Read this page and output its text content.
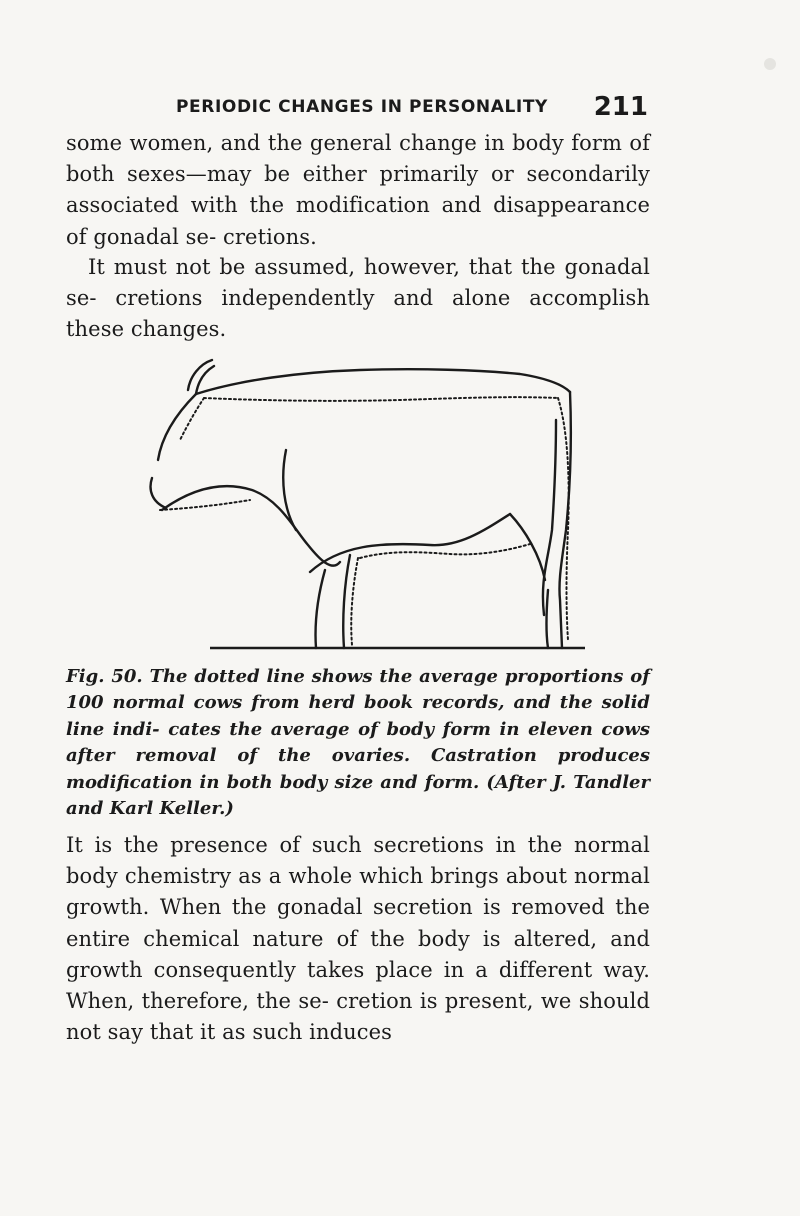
PERIODIC CHANGES IN PERSONALITY 211

some women, and the general change in body form of both sexes—may be either primarily or secondarily associated with the modification and disappearance of gonadal se- cretions.

It must not be assumed, however, that the gonadal se- cretions independently and alone accomplish these changes.

Fig. 50. The dotted line shows the average proportions of 100 normal cows from herd book records, and the solid line indi- cates the average of body form in eleven cows after removal of the ovaries. Castration produces modification in both body size and form. (After J. Tandler and Karl Keller.)

It is the presence of such secretions in the normal body chemistry as a whole which brings about normal growth. When the gonadal secretion is removed the entire chemical nature of the body is altered, and growth consequently takes place in a different way. When, therefore, the se- cretion is present, we should not say that it as such induces
